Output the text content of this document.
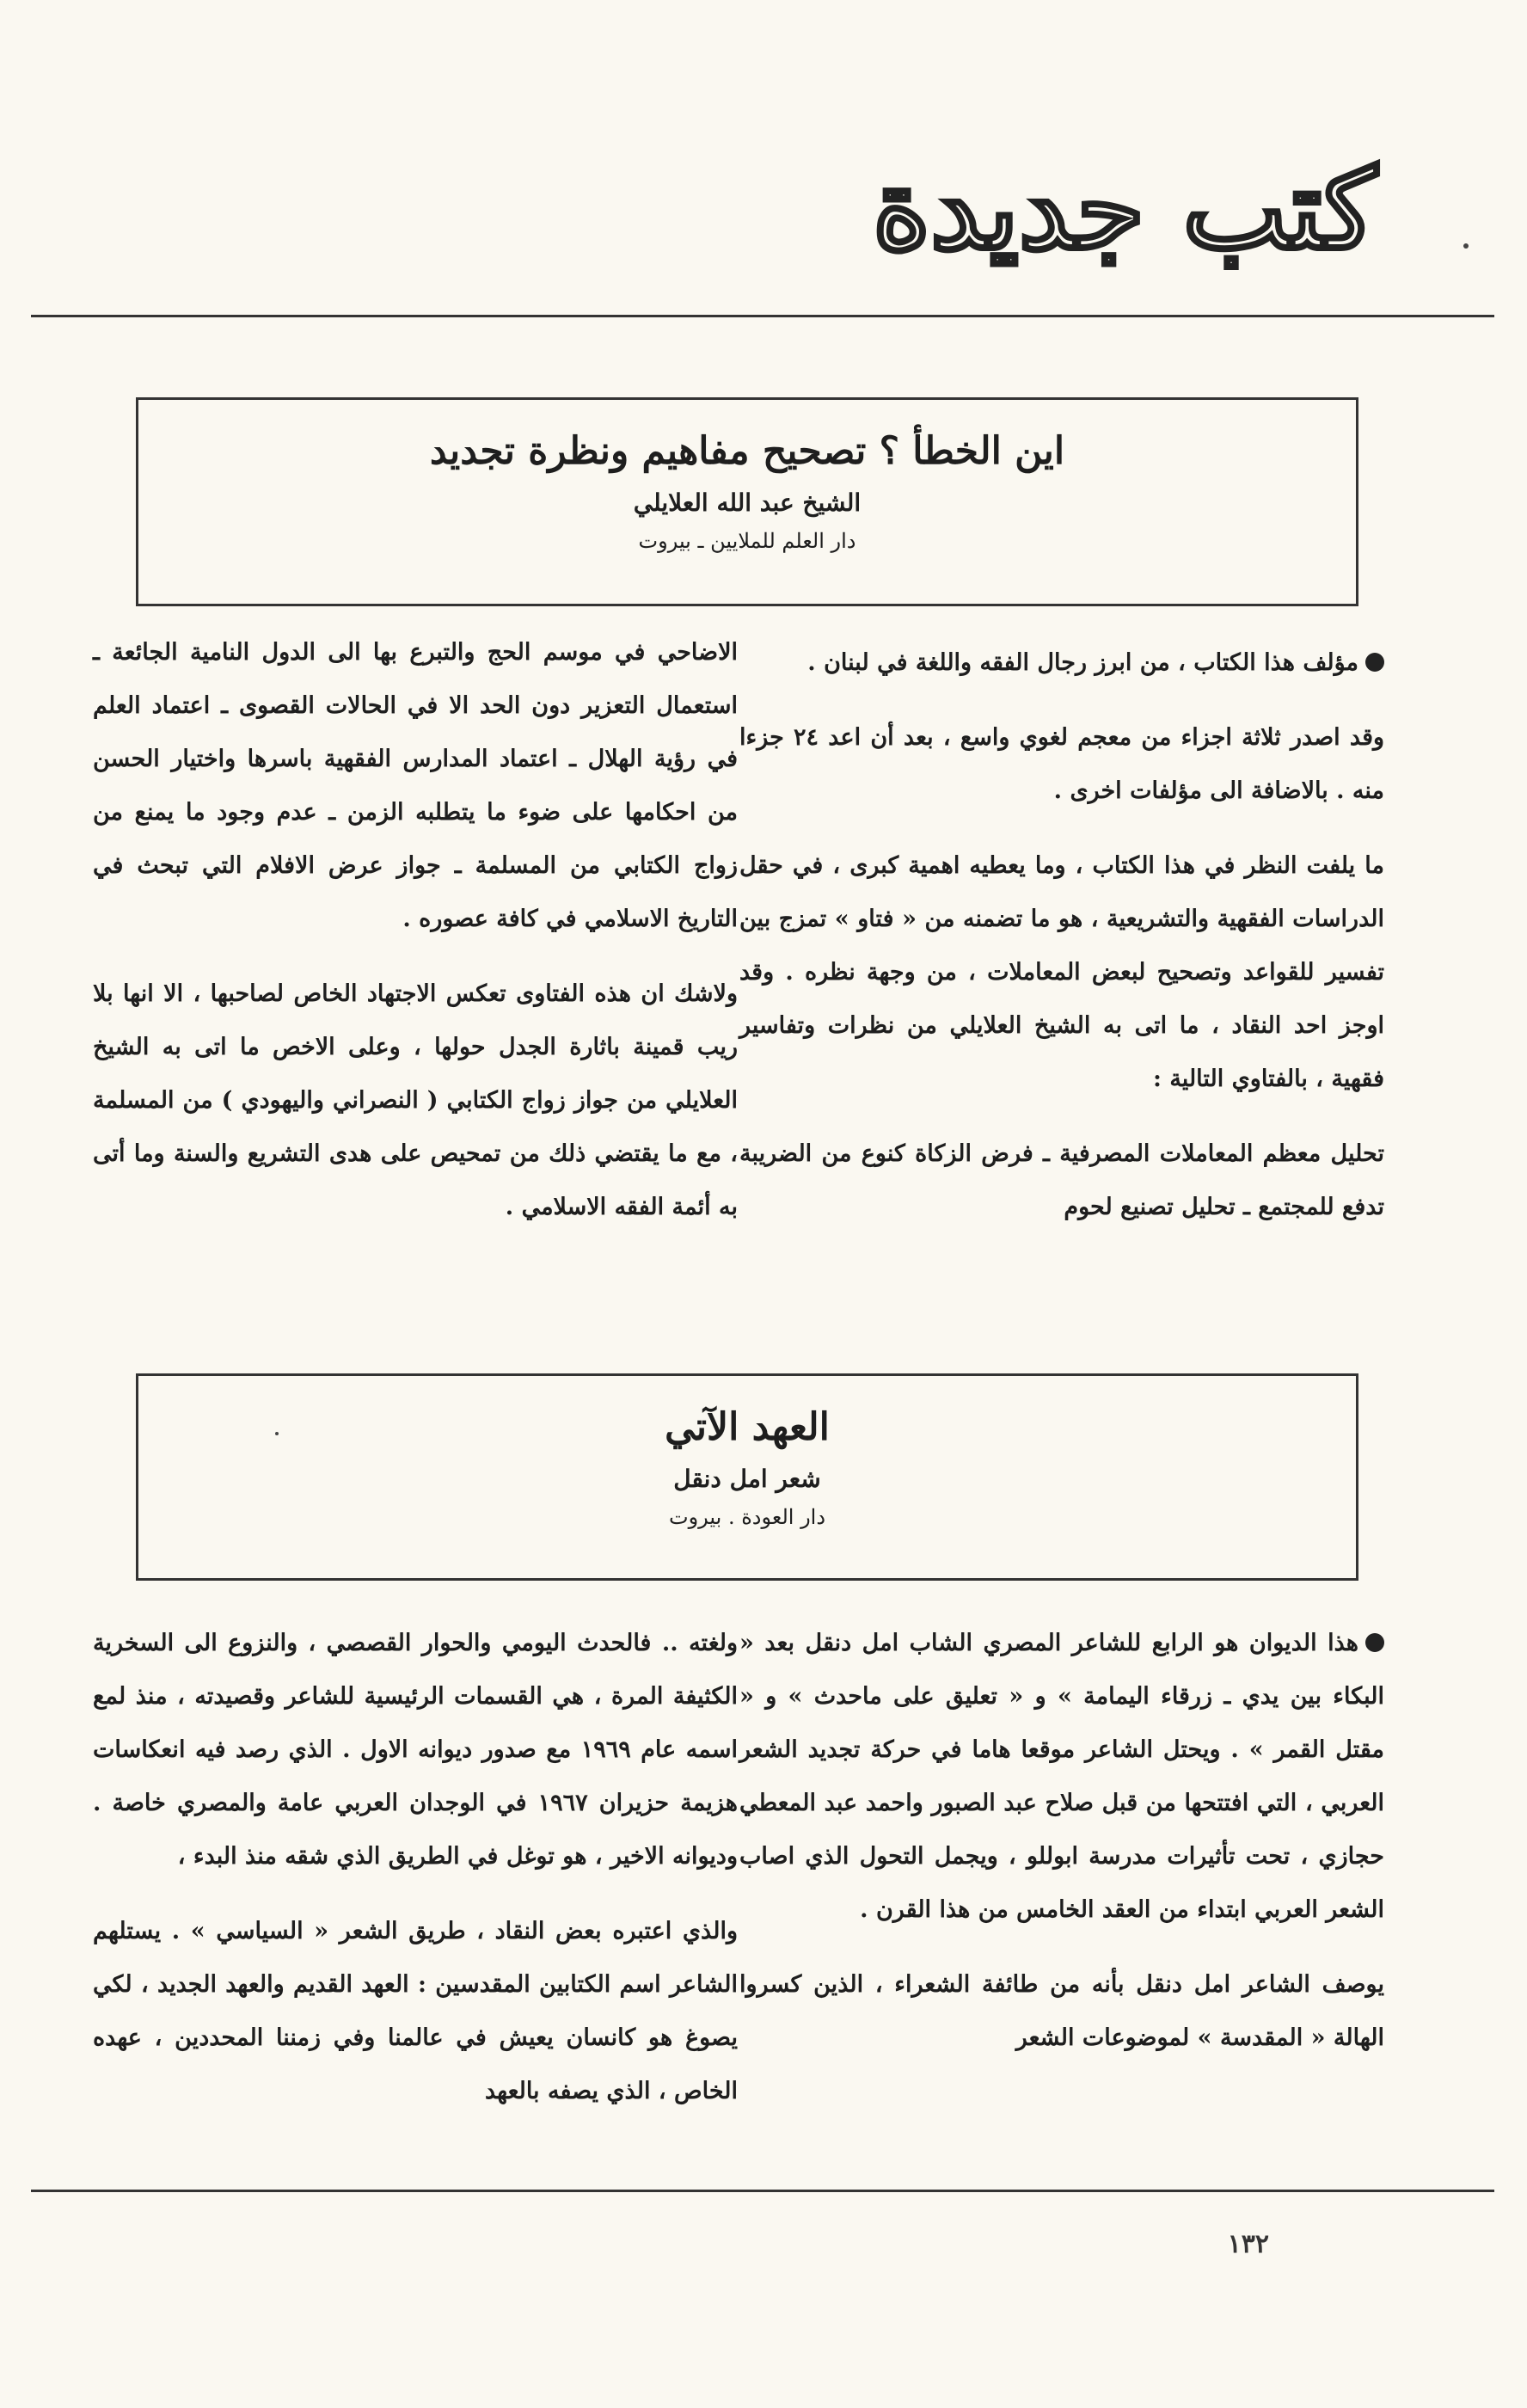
كتب جديدة
اين الخطأ ؟ تصحيح مفاهيم ونظرة تجديد
الشيخ عبد الله العلايلي
دار العلم للملايين ـ بيروت

مؤلف هذا الكتاب ، من ابرز رجال الفقه واللغة في لبنان .

وقد اصدر ثلاثة اجزاء من معجم لغوي واسع ، بعد أن اعد ٢٤ جزءا منه . بالاضافة الى مؤلفات اخرى .

ما يلفت النظر في هذا الكتاب ، وما يعطيه اهمية كبرى ، في حقل الدراسات الفقهية والتشريعية ، هو ما تضمنه من « فتاو » تمزج بين تفسير للقواعد وتصحيح لبعض المعاملات ، من وجهة نظره . وقد اوجز احد النقاد ، ما اتى به الشيخ العلايلي من نظرات وتفاسير فقهية ، بالفتاوي التالية :

تحليل معظم المعاملات المصرفية ـ فرض الزكاة كنوع من الضريبة تدفع للمجتمع ـ تحليل تصنيع لحوم

الاضاحي في موسم الحج والتبرع بها الى الدول النامية الجائعة ـ استعمال التعزير دون الحد الا في الحالات القصوى ـ اعتماد العلم في رؤية الهلال ـ اعتماد المدارس الفقهية باسرها واختيار الحسن من احكامها على ضوء ما يتطلبه الزمن ـ عدم وجود ما يمنع من زواج الكتابي من المسلمة ـ جواز عرض الافلام التي تبحث في التاريخ الاسلامي في كافة عصوره .

ولاشك ان هذه الفتاوى تعكس الاجتهاد الخاص لصاحبها ، الا انها بلا ريب قمينة باثارة الجدل حولها ، وعلى الاخص ما اتى به الشيخ العلايلي من جواز زواج الكتابي ( النصراني واليهودي ) من المسلمة ، مع ما يقتضي ذلك من تمحيص على هدى التشريع والسنة وما أتى به أئمة الفقه الاسلامي .

العهد الآتي
شعر امل دنقل
دار العودة . بيروت

هذا الديوان هو الرابع للشاعر المصري الشاب امل دنقل بعد « البكاء بين يدي ـ زرقاء اليمامة » و « تعليق على ماحدث » و « مقتل القمر » . ويحتل الشاعر موقعا هاما في حركة تجديد الشعر العربي ، التي افتتحها من قبل صلاح عبد الصبور واحمد عبد المعطي حجازي ، تحت تأثيرات مدرسة ابوللو ، ويجمل التحول الذي اصاب الشعر العربي ابتداء من العقد الخامس من هذا القرن .

يوصف الشاعر امل دنقل بأنه من طائفة الشعراء ، الذين كسروا الهالة « المقدسة » لموضوعات الشعر

ولغته .. فالحدث اليومي والحوار القصصي ، والنزوع الى السخرية الكثيفة المرة ، هي القسمات الرئيسية للشاعر وقصيدته ، منذ لمع اسمه عام ١٩٦٩ مع صدور ديوانه الاول . الذي رصد فيه انعكاسات هزيمة حزيران ١٩٦٧ في الوجدان العربي عامة والمصري خاصة . وديوانه الاخير ، هو توغل في الطريق الذي شقه منذ البدء ،

والذي اعتبره بعض النقاد ، طريق الشعر « السياسي » . يستلهم الشاعر اسم الكتابين المقدسين : العهد القديم والعهد الجديد ، لكي يصوغ هو كانسان يعيش في عالمنا وفي زمننا المحددين ، عهده الخاص ، الذي يصفه بالعهد

١٣٢
